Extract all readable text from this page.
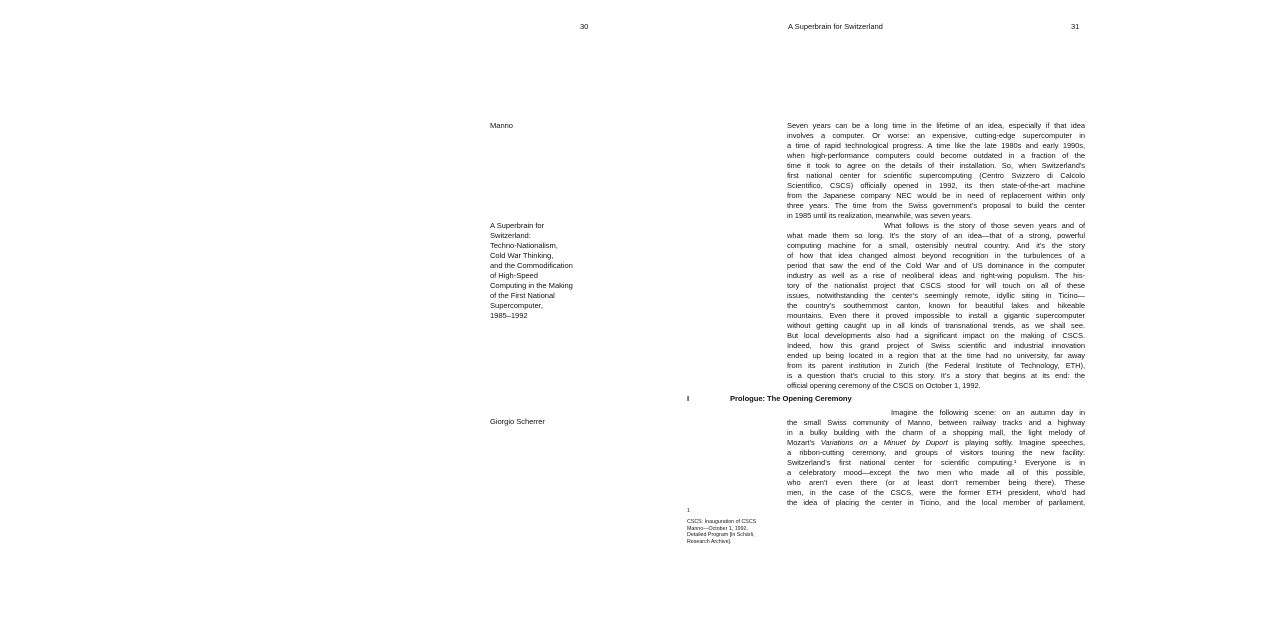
30	A Superbrain for Switzerland	31
Manno
A Superbrain for
Switzerland:
Techno-Nationalism,
Cold War Thinking,
and the Commodification
of High-Speed
Computing in the Making
of the First National
Supercomputer,
1985–1992
Giorgio Scherrer
Seven years can be a long time in the lifetime of an idea, especially if that idea
involves a computer. Or worse: an expensive, cutting-edge supercomputer in
a time of rapid technological progress. A time like the late 1980s and early 1990s,
when high-performance computers could become outdated in a fraction of the
time it took to agree on the details of their installation. So, when Switzerland’s
first national center for scientific supercomputing (Centro Svizzero di Calcolo
Scientifico, CSCS) officially opened in 1992, its then state-of-the-art machine
from the Japanese company NEC would be in need of replacement within only
three years. The time from the Swiss government’s proposal to build the center
in 1985 until its realization, meanwhile, was seven years.
What follows is the story of those seven years and of
what made them so long. It’s the story of an idea—that of a strong, powerful
computing machine for a small, ostensibly neutral country. And it’s the story
of how that idea changed almost beyond recognition in the turbulences of a
period that saw the end of the Cold War and of US dominance in the computer
industry as well as a rise of neoliberal ideas and right-wing populism. The his-
tory of the nationalist project that CSCS stood for will touch on all of these
issues, notwithstanding the center’s seemingly remote, idyllic siting in Ticino—
the country’s southernmost canton, known for beautiful lakes and hikeable
mountains. Even there it proved impossible to install a gigantic supercomputer
without getting caught up in all kinds of transnational trends, as we shall see.
But local developments also had a significant impact on the making of CSCS.
Indeed, how this grand project of Swiss scientific and industrial innovation
ended up being located in a region that at the time had no university, far away
from its parent institution in Zurich (the Federal Institute of Technology, ETH),
is a question that’s crucial to this story. It’s a story that begins at its end: the
official opening ceremony of the CSCS on October 1, 1992.
I	Prologue: The Opening Ceremony
Imagine the following scene: on an autumn day in
the small Swiss community of Manno, between railway tracks and a highway
in a bulky building with the charm of a shopping mall, the light melody of
Mozart’s Variations on a Minuet by Duport is playing softly. Imagine speeches,
a ribbon-cutting ceremony, and groups of visitors touring the new facility:
Switzerland’s first national center for scientific computing.¹ Everyone is in
a celebratory mood—except the two men who made all of this possible,
who aren’t even there (or at least don’t remember being there). These
men, in the case of the CSCS, were the former ETH president, who’d had
the idea of placing the center in Ticino, and the local member of parliament,
1
CSCS: Inauguration of CSCS
Manno—October 1, 1992.
Detailed Program [in Schärli,
Research Archive].
